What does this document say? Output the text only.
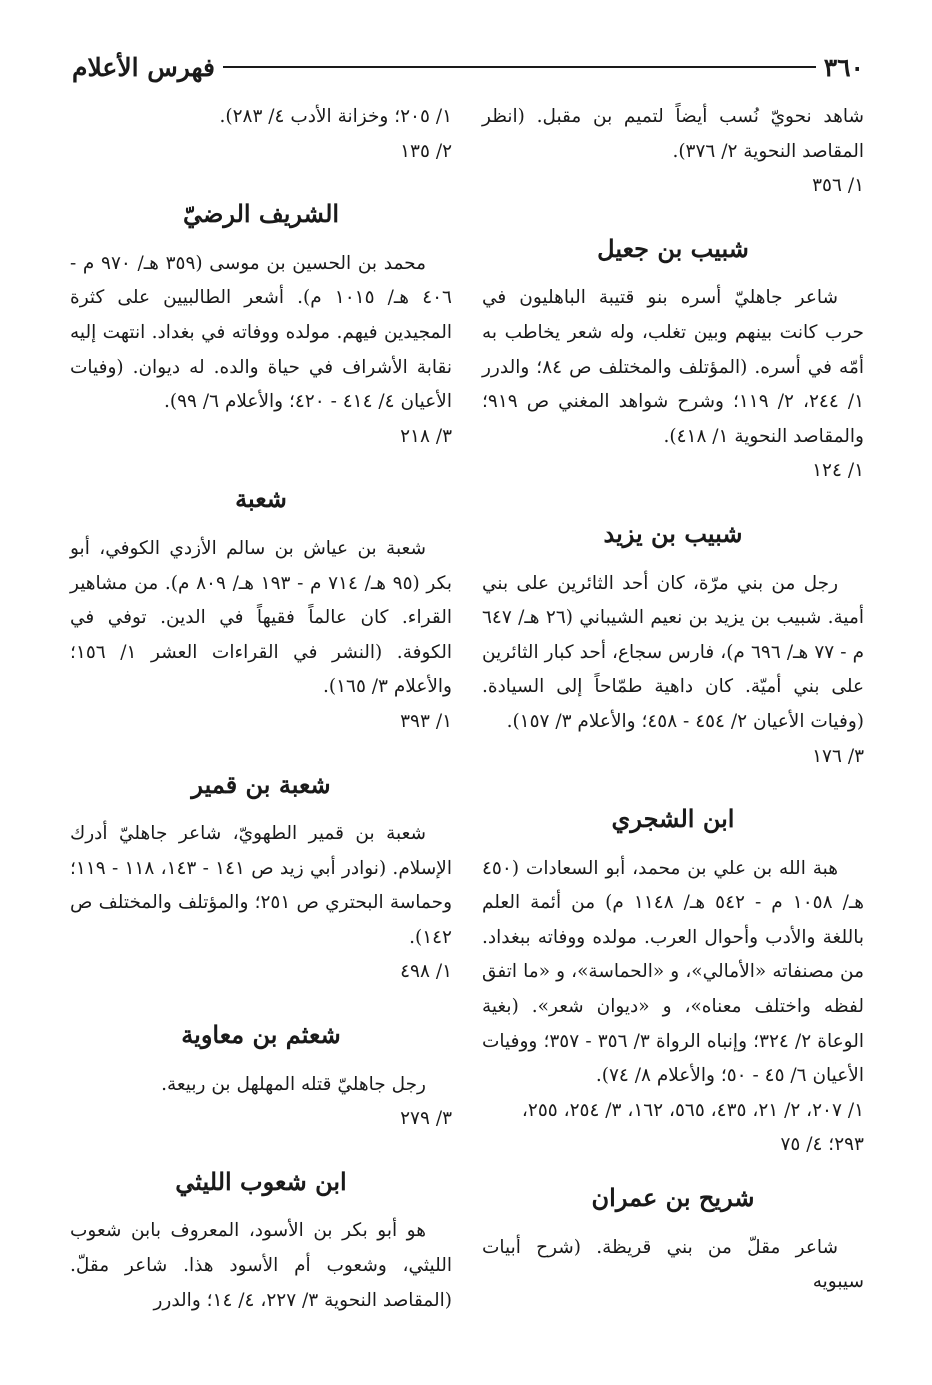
٣٦٠
فهرس الأعلام

شاهد نحويّ نُسب أيضاً لتميم بن مقبل. (انظر المقاصد النحوية ٢/ ٣٧٦).

١/ ٣٥٦

شبيب بن جعيل

شاعر جاهليّ أسره بنو قتيبة الباهليون في حرب كانت بينهم وبين تغلب، وله شعر يخاطب به أمّه في أسره. (المؤتلف والمختلف ص ٨٤؛ والدرر ١/ ٢٤٤، ٢/ ١١٩؛ وشرح شواهد المغني ص ٩١٩؛ والمقاصد النحوية ١/ ٤١٨).

١/ ١٢٤

شبيب بن يزيد

رجل من بني مرّة، كان أحد الثائرين على بني أمية. شبيب بن يزيد بن نعيم الشيباني (٢٦ هـ/ ٦٤٧ م - ٧٧ هـ/ ٦٩٦ م)، فارس سجاع، أحد كبار الثائرين على بني أميّة. كان داهية طمّاحاً إلى السيادة. (وفيات الأعيان ٢/ ٤٥٤ - ٤٥٨؛ والأعلام ٣/ ١٥٧).

٣/ ١٧٦

ابن الشجري

هبة الله بن علي بن محمد، أبو السعادات (٤٥٠ هـ/ ١٠٥٨ م - ٥٤٢ هـ/ ١١٤٨ م) من أئمة العلم باللغة والأدب وأحوال العرب. مولده ووفاته ببغداد. من مصنفاته «الأمالي»، و «الحماسة»، و «ما اتفق لفظه واختلف معناه»، و «ديوان شعر». (بغية الوعاة ٢/ ٣٢٤؛ وإنباه الرواة ٣/ ٣٥٦ - ٣٥٧؛ ووفيات الأعيان ٦/ ٤٥ - ٥٠؛ والأعلام ٨/ ٧٤).

١/ ٢٠٧، ٢/ ٢١، ٤٣٥، ٥٦٥، ١٦٢، ٣/ ٢٥٤، ٢٥٥، ٢٩٣؛ ٤/ ٧٥

شريح بن عمران

شاعر مقلّ من بني قريظة. (شرح أبيات سيبويه

١/ ٢٠٥؛ وخزانة الأدب ٤/ ٢٨٣).

٢/ ١٣٥

الشريف الرضيّ

محمد بن الحسين بن موسى (٣٥٩ هـ/ ٩٧٠ م - ٤٠٦ هـ/ ١٠١٥ م). أشعر الطالبيين على كثرة المجيدين فيهم. مولده ووفاته في بغداد. انتهت إليه نقابة الأشراف في حياة والده. له ديوان. (وفيات الأعيان ٤/ ٤١٤ - ٤٢٠؛ والأعلام ٦/ ٩٩).

٣/ ٢١٨

شعبة

شعبة بن عياش بن سالم الأزدي الكوفي، أبو بكر (٩٥ هـ/ ٧١٤ م - ١٩٣ هـ/ ٨٠٩ م). من مشاهير القراء. كان عالماً فقيهاً في الدين. توفي في الكوفة. (النشر في القراءات العشر ١/ ١٥٦؛ والأعلام ٣/ ١٦٥).

١/ ٣٩٣

شعبة بن قمير

شعبة بن قمير الطهويّ، شاعر جاهليّ أدرك الإسلام. (نوادر أبي زيد ص ١٤١ - ١٤٣، ١١٨ - ١١٩؛ وحماسة البحتري ص ٢٥١؛ والمؤتلف والمختلف ص ١٤٢).

١/ ٤٩٨

شعثم بن معاوية

رجل جاهليّ قتله المهلهل بن ربيعة.

٣/ ٢٧٩

ابن شعوب الليثي

هو أبو بكر بن الأسود، المعروف بابن شعوب الليثي، وشعوب أم الأسود هذا. شاعر مقلّ. (المقاصد النحوية ٣/ ٢٢٧، ٤/ ١٤؛ والدرر
